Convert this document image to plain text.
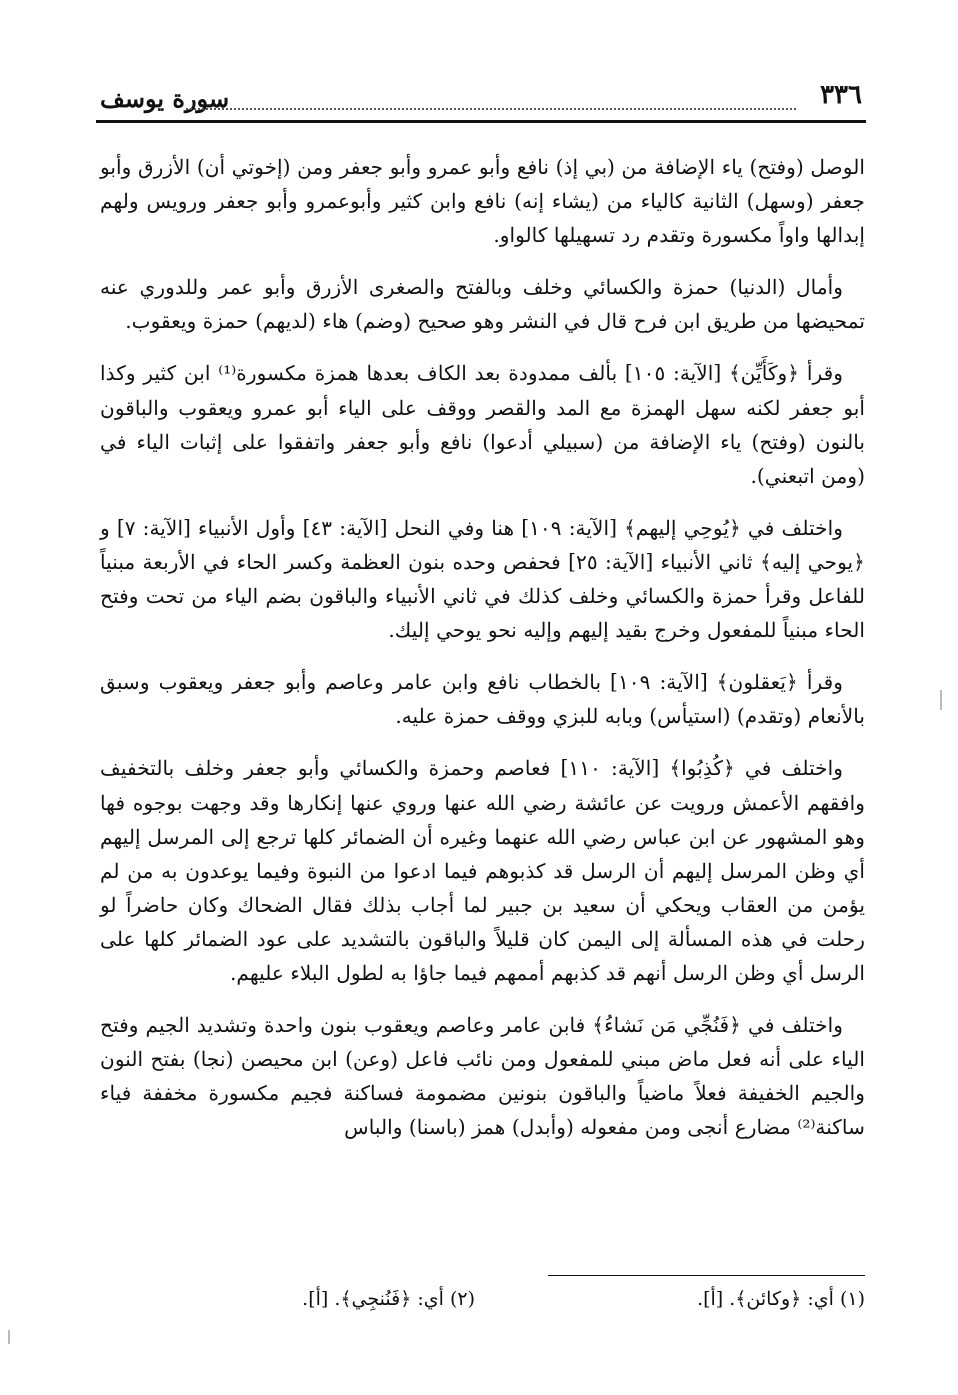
سورة يوسف	٣٣٦

الوصل (وفتح) ياء الإضافة من (بي إذ) نافع وأبو عمرو وأبو جعفر ومن (إخوتي أن) الأزرق وأبو جعفر (وسهل) الثانية كالياء من (يشاء إنه) نافع وابن كثير وأبوعمرو وأبو جعفر ورويس ولهم إبدالها واواً مكسورة وتقدم رد تسهيلها كالواو.

وأمال (الدنيا) حمزة والكسائي وخلف وبالفتح والصغرى الأزرق وأبو عمر وللدوري عنه تمحيضها من طريق ابن فرح قال في النشر وهو صحيح (وضم) هاء (لديهم) حمزة ويعقوب.

وقرأ ﴿وكَأَيِّن﴾ [الآية: ١٠٥] بألف ممدودة بعد الكاف بعدها همزة مكسورة⁽¹⁾ ابن كثير وكذا أبو جعفر لكنه سهل الهمزة مع المد والقصر ووقف على الياء أبو عمرو ويعقوب والباقون بالنون (وفتح) ياء الإضافة من (سبيلي أدعوا) نافع وأبو جعفر واتفقوا على إثبات الياء في (ومن اتبعني).

واختلف في ﴿يُوحِي إليهم﴾ [الآية: ١٠٩] هنا وفي النحل [الآية: ٤٣] وأول الأنبياء [الآية: ٧] و ﴿يوحي إليه﴾ ثاني الأنبياء [الآية: ٢٥] فحفص وحده بنون العظمة وكسر الحاء في الأربعة مبنياً للفاعل وقرأ حمزة والكسائي وخلف كذلك في ثاني الأنبياء والباقون بضم الياء من تحت وفتح الحاء مبنياً للمفعول وخرج بقيد إليهم وإليه نحو يوحي إليك.

وقرأ ﴿يَعقلون﴾ [الآية: ١٠٩] بالخطاب نافع وابن عامر وعاصم وأبو جعفر ويعقوب وسبق بالأنعام (وتقدم) (استيأس) وبابه للبزي ووقف حمزة عليه.

واختلف في ﴿كُذِبُوا﴾ [الآية: ١١٠] فعاصم وحمزة والكسائي وأبو جعفر وخلف بالتخفيف وافقهم الأعمش ورويت عن عائشة رضي الله عنها وروي عنها إنكارها وقد وجهت بوجوه فها وهو المشهور عن ابن عباس رضي الله عنهما وغيره أن الضمائر كلها ترجع إلى المرسل إليهم أي وظن المرسل إليهم أن الرسل قد كذبوهم فيما ادعوا من النبوة وفيما يوعدون به من لم يؤمن من العقاب ويحكي أن سعيد بن جبير لما أجاب بذلك فقال الضحاك وكان حاضراً لو رحلت في هذه المسألة إلى اليمن كان قليلاً والباقون بالتشديد على عود الضمائر كلها على الرسل أي وظن الرسل أنهم قد كذبهم أممهم فيما جاؤا به لطول البلاء عليهم.

واختلف في ﴿فَنُجِّي مَن نَشاءُ﴾ فابن عامر وعاصم ويعقوب بنون واحدة وتشديد الجيم وفتح الياء على أنه فعل ماض مبني للمفعول ومن نائب فاعل (وعن) ابن محيصن (نجا) بفتح النون والجيم الخفيفة فعلاً ماضياً والباقون بنونين مضمومة فساكنة فجيم مكسورة مخففة فياء ساكنة⁽²⁾ مضارع أنجى ومن مفعوله (وأبدل) همز (باسنا) والباس

(١) أي: ﴿وكائن﴾. [أ].
(٢) أي: ﴿فَنُنجِي﴾. [أ].
